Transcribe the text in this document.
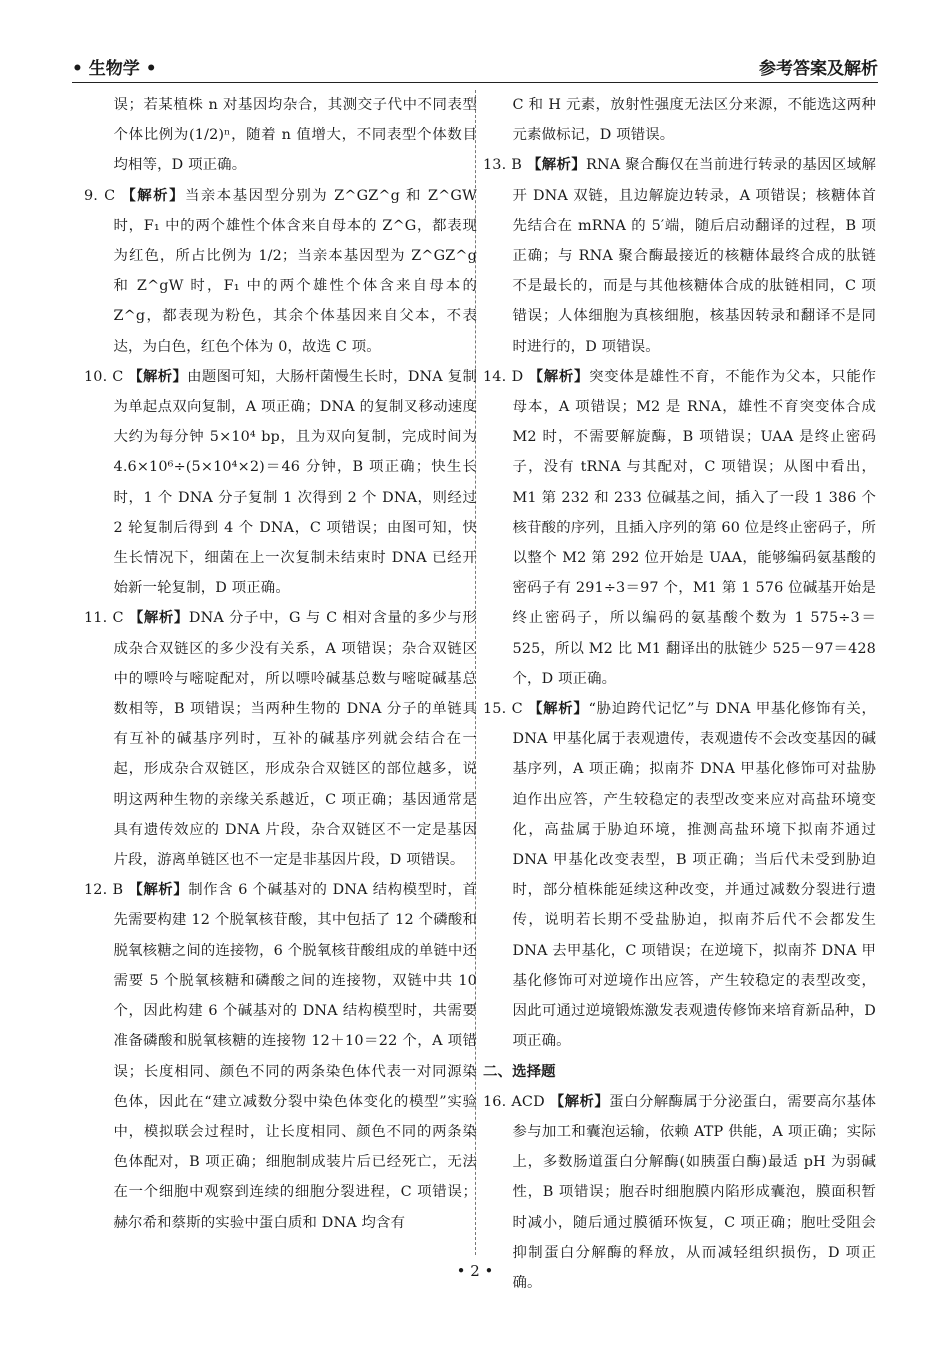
• 生物学 •	参考答案及解析

误；若某植株 n 对基因均杂合，其测交子代中不同表型个体比例为(1/2)ⁿ，随着 n 值增大，不同表型个体数目均相等，D 项正确。

9. C 【解析】当亲本基因型分别为 Z^GZ^g 和 Z^GW 时，F₁ 中的两个雄性个体含来自母本的 Z^G，都表现为红色，所占比例为 1/2；当亲本基因型为 Z^GZ^g 和 Z^gW 时，F₁ 中的两个雄性个体含来自母本的 Z^g，都表现为粉色，其余个体基因来自父本，不表达，为白色，红色个体为 0，故选 C 项。

10. C 【解析】由题图可知，大肠杆菌慢生长时，DNA 复制为单起点双向复制，A 项正确；DNA 的复制叉移动速度大约为每分钟 5×10⁴ bp，且为双向复制，完成时间为 4.6×10⁶÷(5×10⁴×2)＝46 分钟，B 项正确；快生长时，1 个 DNA 分子复制 1 次得到 2 个 DNA，则经过 2 轮复制后得到 4 个 DNA，C 项错误；由图可知，快生长情况下，细菌在上一次复制未结束时 DNA 已经开始新一轮复制，D 项正确。

11. C 【解析】DNA 分子中，G 与 C 相对含量的多少与形成杂合双链区的多少没有关系，A 项错误；杂合双链区中的嘌呤与嘧啶配对，所以嘌呤碱基总数与嘧啶碱基总数相等，B 项错误；当两种生物的 DNA 分子的单链具有互补的碱基序列时，互补的碱基序列就会结合在一起，形成杂合双链区，形成杂合双链区的部位越多，说明这两种生物的亲缘关系越近，C 项正确；基因通常是具有遗传效应的 DNA 片段，杂合双链区不一定是基因片段，游离单链区也不一定是非基因片段，D 项错误。

12. B 【解析】制作含 6 个碱基对的 DNA 结构模型时，首先需要构建 12 个脱氧核苷酸，其中包括了 12 个磷酸和脱氧核糖之间的连接物，6 个脱氧核苷酸组成的单链中还需要 5 个脱氧核糖和磷酸之间的连接物，双链中共 10 个，因此构建 6 个碱基对的 DNA 结构模型时，共需要准备磷酸和脱氧核糖的连接物 12＋10＝22 个，A 项错误；长度相同、颜色不同的两条染色体代表一对同源染色体，因此在“建立减数分裂中染色体变化的模型”实验中，模拟联会过程时，让长度相同、颜色不同的两条染色体配对，B 项正确；细胞制成装片后已经死亡，无法在一个细胞中观察到连续的细胞分裂进程，C 项错误；赫尔希和蔡斯的实验中蛋白质和 DNA 均含有

C 和 H 元素，放射性强度无法区分来源，不能选这两种元素做标记，D 项错误。

13. B 【解析】RNA 聚合酶仅在当前进行转录的基因区域解开 DNA 双链，且边解旋边转录，A 项错误；核糖体首先结合在 mRNA 的 5′端，随后启动翻译的过程，B 项正确；与 RNA 聚合酶最接近的核糖体最终合成的肽链不是最长的，而是与其他核糖体合成的肽链相同，C 项错误；人体细胞为真核细胞，核基因转录和翻译不是同时进行的，D 项错误。

14. D 【解析】突变体是雄性不育，不能作为父本，只能作母本，A 项错误；M2 是 RNA，雄性不育突变体合成 M2 时，不需要解旋酶，B 项错误；UAA 是终止密码子，没有 tRNA 与其配对，C 项错误；从图中看出，M1 第 232 和 233 位碱基之间，插入了一段 1 386 个核苷酸的序列，且插入序列的第 60 位是终止密码子，所以整个 M2 第 292 位开始是 UAA，能够编码氨基酸的密码子有 291÷3＝97 个，M1 第 1 576 位碱基开始是终止密码子，所以编码的氨基酸个数为 1 575÷3＝525，所以 M2 比 M1 翻译出的肽链少 525－97＝428 个，D 项正确。

15. C 【解析】“胁迫跨代记忆”与 DNA 甲基化修饰有关，DNA 甲基化属于表观遗传，表观遗传不会改变基因的碱基序列，A 项正确；拟南芥 DNA 甲基化修饰可对盐胁迫作出应答，产生较稳定的表型改变来应对高盐环境变化，高盐属于胁迫环境，推测高盐环境下拟南芥通过 DNA 甲基化改变表型，B 项正确；当后代未受到胁迫时，部分植株能延续这种改变，并通过减数分裂进行遗传，说明若长期不受盐胁迫，拟南芥后代不会都发生 DNA 去甲基化，C 项错误；在逆境下，拟南芥 DNA 甲基化修饰可对逆境作出应答，产生较稳定的表型改变，因此可通过逆境锻炼激发表观遗传修饰来培育新品种，D 项正确。

二、选择题

16. ACD 【解析】蛋白分解酶属于分泌蛋白，需要高尔基体参与加工和囊泡运输，依赖 ATP 供能，A 项正确；实际上，多数肠道蛋白分解酶(如胰蛋白酶)最适 pH 为弱碱性，B 项错误；胞吞时细胞膜内陷形成囊泡，膜面积暂时减小，随后通过膜循环恢复，C 项正确；胞吐受阻会抑制蛋白分解酶的释放，从而减轻组织损伤，D 项正确。

• 2 •
